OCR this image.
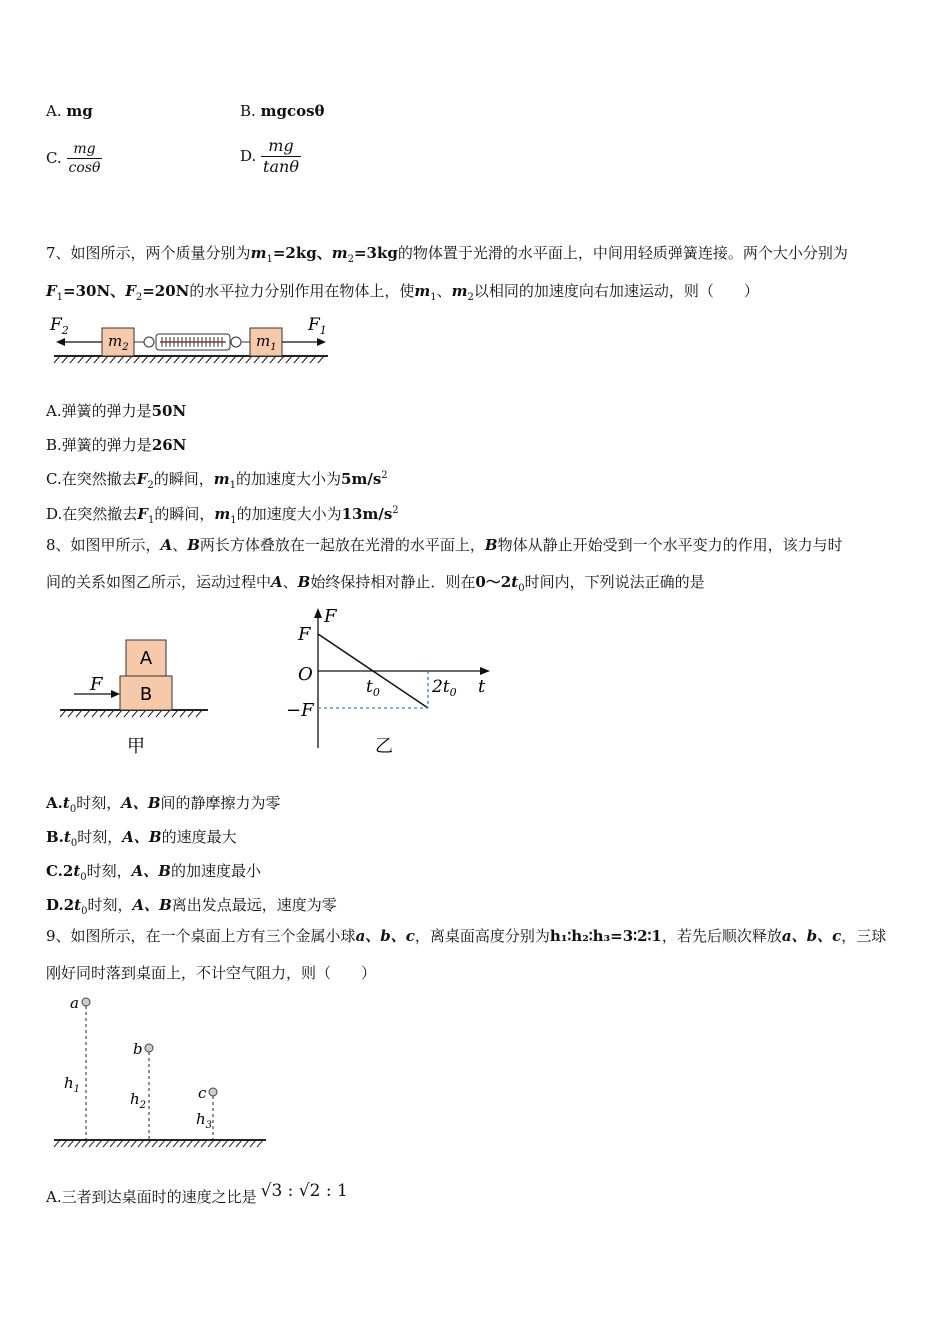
A. mg	B. mgcosθ
C. $\frac{mg}{\cos\theta}$	D. $\frac{mg}{\tan\theta}$
7、如图所示，两个质量分别为$m_1=2kg$、$m_2=3kg$的物体置于光滑的水平面上，中间用轻质弹簧连接。两个大小分别为
$F_1=30N$、$F_2=20N$的水平拉力分别作用在物体上，使$m_1$、$m_2$以相同的加速度向右加速运动，则（　　）
$F_2$	$F_1$
$m_2$	$m_1$
A.弹簧的弹力是50N
B.弹簧的弹力是26N
C.在突然撤去$F_2$的瞬间，$m_1$的加速度大小为$5m/s^2$
D.在突然撤去$F_1$的瞬间，$m_1$的加速度大小为$13m/s^2$
8、如图甲所示，A、B两长方体叠放在一起放在光滑的水平面上，B物体从静止开始受到一个水平变力的作用，该力与时
间的关系如图乙所示，运动过程中A、B始终保持相对静止．则在$0\sim 2t_0$时间内，下列说法正确的是
A
B
F
甲
F
F
O
$t_0$	$2t_0$ t
−F
乙
$A.t_0$时刻，A、B间的静摩擦力为零
$B.t_0$时刻，A、B的速度最大
$C.2t_0$时刻，A、B的加速度最小
$D.2t_0$时刻，A、B离出发点最远，速度为零
9、如图所示，在一个桌面上方有三个金属小球a、b、c，离桌面高度分别为h₁∶h₂∶h₃=3∶2∶1，若先后顺次释放a、b、c，三球
刚好同时落到桌面上，不计空气阻力，则（　　）
a
b
c
$h_1$
$h_2$
$h_3$
A.三者到达桌面时的速度之比是 √3 : √2 : 1
